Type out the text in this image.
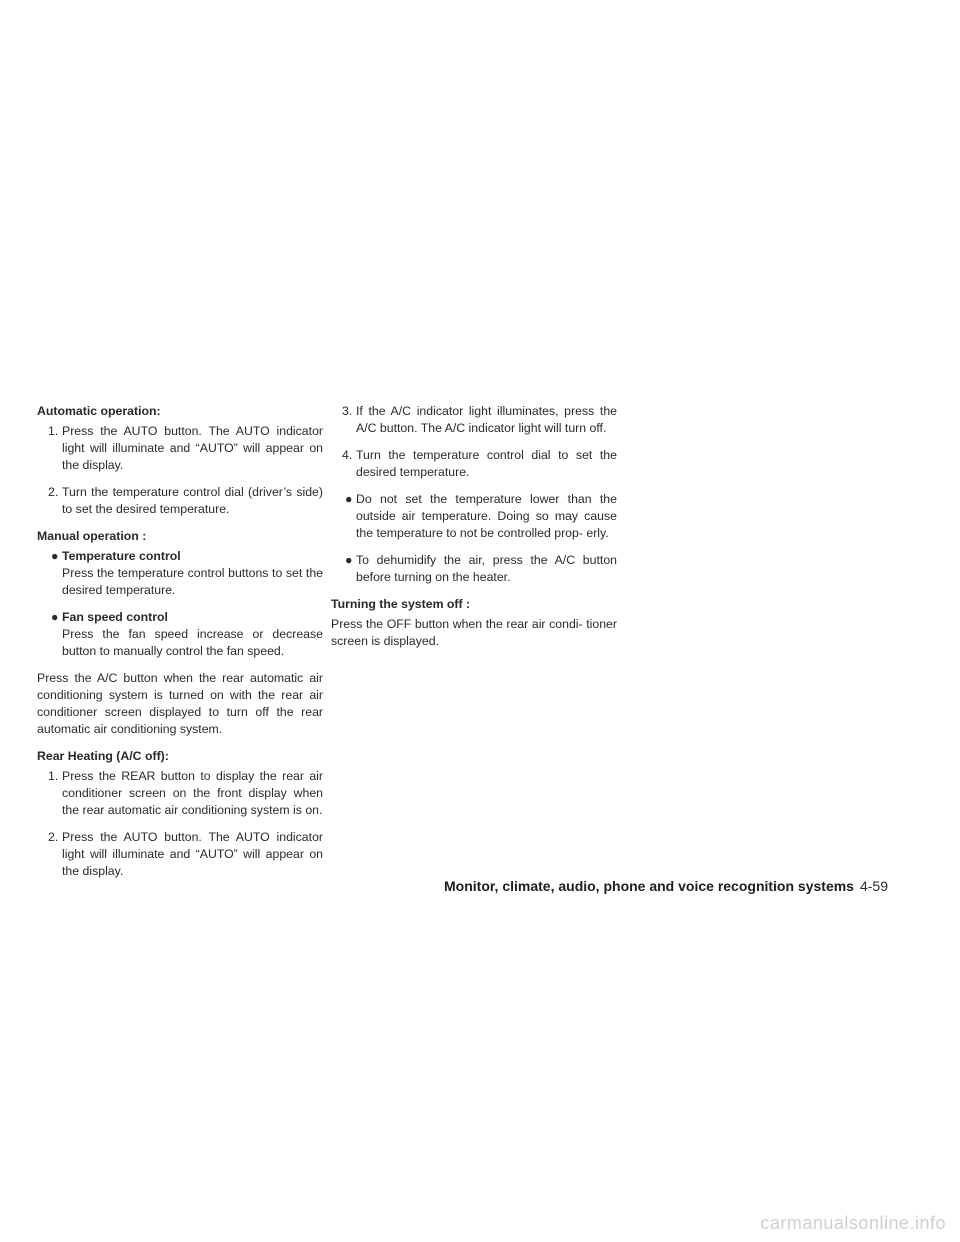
Automatic operation:
1. Press the AUTO button. The AUTO indicator light will illuminate and “AUTO” will appear on the display.
2. Turn the temperature control dial (driver’s side) to set the desired temperature.
Manual operation :
● Temperature control
Press the temperature control buttons to set the desired temperature.
● Fan speed control
Press the fan speed increase or decrease button to manually control the fan speed.
Press the A/C button when the rear automatic air conditioning system is turned on with the rear air conditioner screen displayed to turn off the rear automatic air conditioning system.
Rear Heating (A/C off):
1. Press the REAR button to display the rear air conditioner screen on the front display when the rear automatic air conditioning system is on.
2. Press the AUTO button. The AUTO indicator light will illuminate and “AUTO” will appear on the display.
3. If the A/C indicator light illuminates, press the A/C button. The A/C indicator light will turn off.
4. Turn the temperature control dial to set the desired temperature.
● Do not set the temperature lower than the outside air temperature. Doing so may cause the temperature to not be controlled prop- erly.
● To dehumidify the air, press the A/C button before turning on the heater.
Turning the system off :
Press the OFF button when the rear air condi- tioner screen is displayed.
Monitor, climate, audio, phone and voice recognition systems 4-59
carmanualsonline.info
